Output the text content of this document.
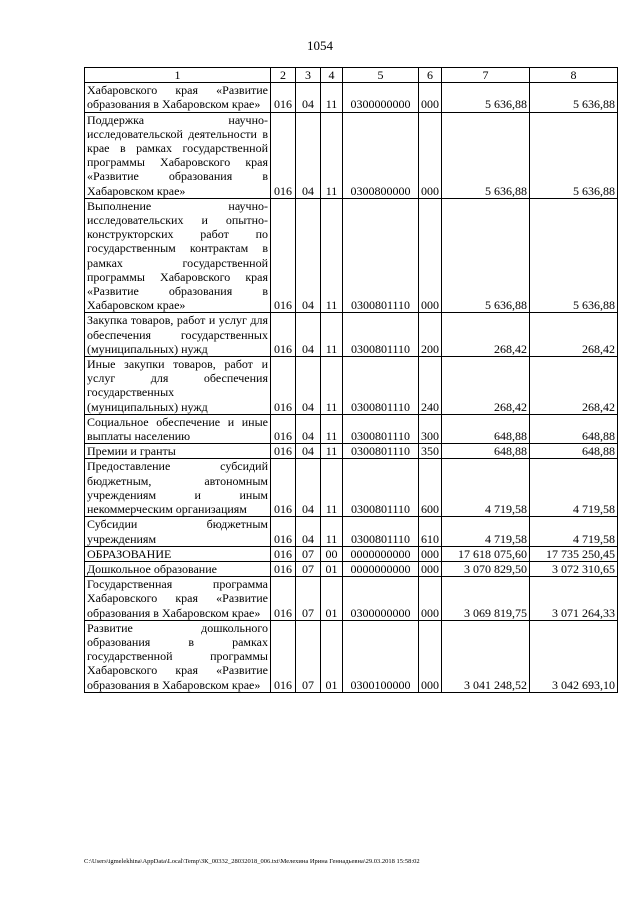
1054
1	2	3	4	5	6	7	8
Хабаровского края «Развитие образования в Хабаровском крае»	016	04	11	0300000000	000	5 636,88	5 636,88
Поддержка научно-исследовательской деятельности в крае в рамках государственной программы Хабаровского края «Развитие образования в Хабаровском крае»	016	04	11	0300800000	000	5 636,88	5 636,88
Выполнение научно-исследовательских и опытно-конструкторских работ по государственным контрактам в рамках государственной программы Хабаровского края «Развитие образования в Хабаровском крае»	016	04	11	0300801110	000	5 636,88	5 636,88
Закупка товаров, работ и услуг для обеспечения государственных (муниципальных) нужд	016	04	11	0300801110	200	268,42	268,42
Иные закупки товаров, работ и услуг для обеспечения государственных (муниципальных) нужд	016	04	11	0300801110	240	268,42	268,42
Социальное обеспечение и иные выплаты населению	016	04	11	0300801110	300	648,88	648,88
Премии и гранты	016	04	11	0300801110	350	648,88	648,88
Предоставление субсидий бюджетным, автономным учреждениям и иным некоммерческим организациям	016	04	11	0300801110	600	4 719,58	4 719,58
Субсидии бюджетным учреждениям	016	04	11	0300801110	610	4 719,58	4 719,58
ОБРАЗОВАНИЕ	016	07	00	0000000000	000	17 618 075,60	17 735 250,45
Дошкольное образование	016	07	01	0000000000	000	3 070 829,50	3 072 310,65
Государственная программа Хабаровского края «Развитие образования в Хабаровском крае»	016	07	01	0300000000	000	3 069 819,75	3 071 264,33
Развитие дошкольного образования в рамках государственной программы Хабаровского края «Развитие образования в Хабаровском крае»	016	07	01	0300100000	000	3 041 248,52	3 042 693,10
C:\Users\igmelekhina\AppData\Local\Temp\ЗК_00332_28032018_006.txt\Мелехина Ирина Геннадьевна\29.03.2018 15:58:02
